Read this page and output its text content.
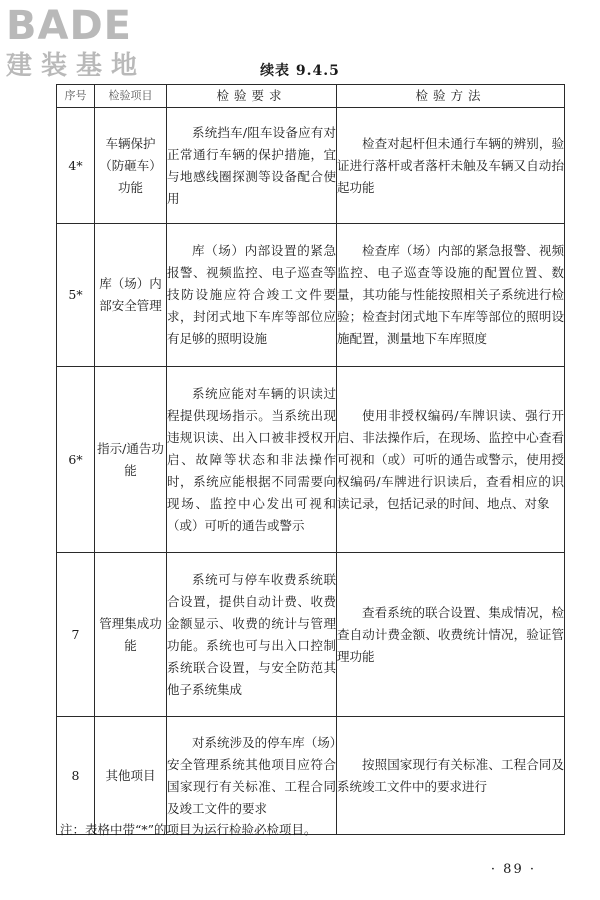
BADE
建装基地	续表 9.4.5
序号	检验项目	检验要求	检验方法
4*	车辆保护（防砸车）功能	系统挡车/阻车设备应有对正常通行车辆的保护措施，宜与地感线圈探测等设备配合使用	检查对起杆但未通行车辆的辨别，验证进行落杆或者落杆未触及车辆又自动抬起功能

5*	库（场）内部安全管理	库（场）内部设置的紧急报警、视频监控、电子巡查等技防设施应符合竣工文件要求，封闭式地下车库等部位应有足够的照明设施	检查库（场）内部的紧急报警、视频监控、电子巡查等设施的配置位置、数量，其功能与性能按照相关子系统进行检验；检查封闭式地下车库等部位的照明设施配置，测量地下车库照度

6*	指示/通告功能	系统应能对车辆的识读过程提供现场指示。当系统出现违规识读、出入口被非授权开启、故障等状态和非法操作时，系统应能根据不同需要向现场、监控中心发出可视和（或）可听的通告或警示	使用非授权编码/车牌识读、强行开启、非法操作后，在现场、监控中心查看可视和（或）可听的通告或警示，使用授权编码/车牌进行识读后，查看相应的识读记录，包括记录的时间、地点、对象

7	管理集成功能	系统可与停车收费系统联合设置，提供自动计费、收费金额显示、收费的统计与管理功能。系统也可与出入口控制系统联合设置，与安全防范其他子系统集成	查看系统的联合设置、集成情况，检查自动计费金额、收费统计情况，验证管理功能

8	其他项目	对系统涉及的停车库（场）安全管理系统其他项目应符合国家现行有关标准、工程合同及竣工文件的要求	按照国家现行有关标准、工程合同及系统竣工文件中的要求进行

注：表格中带“*”的项目为运行检验必检项目。
· 89 ·
